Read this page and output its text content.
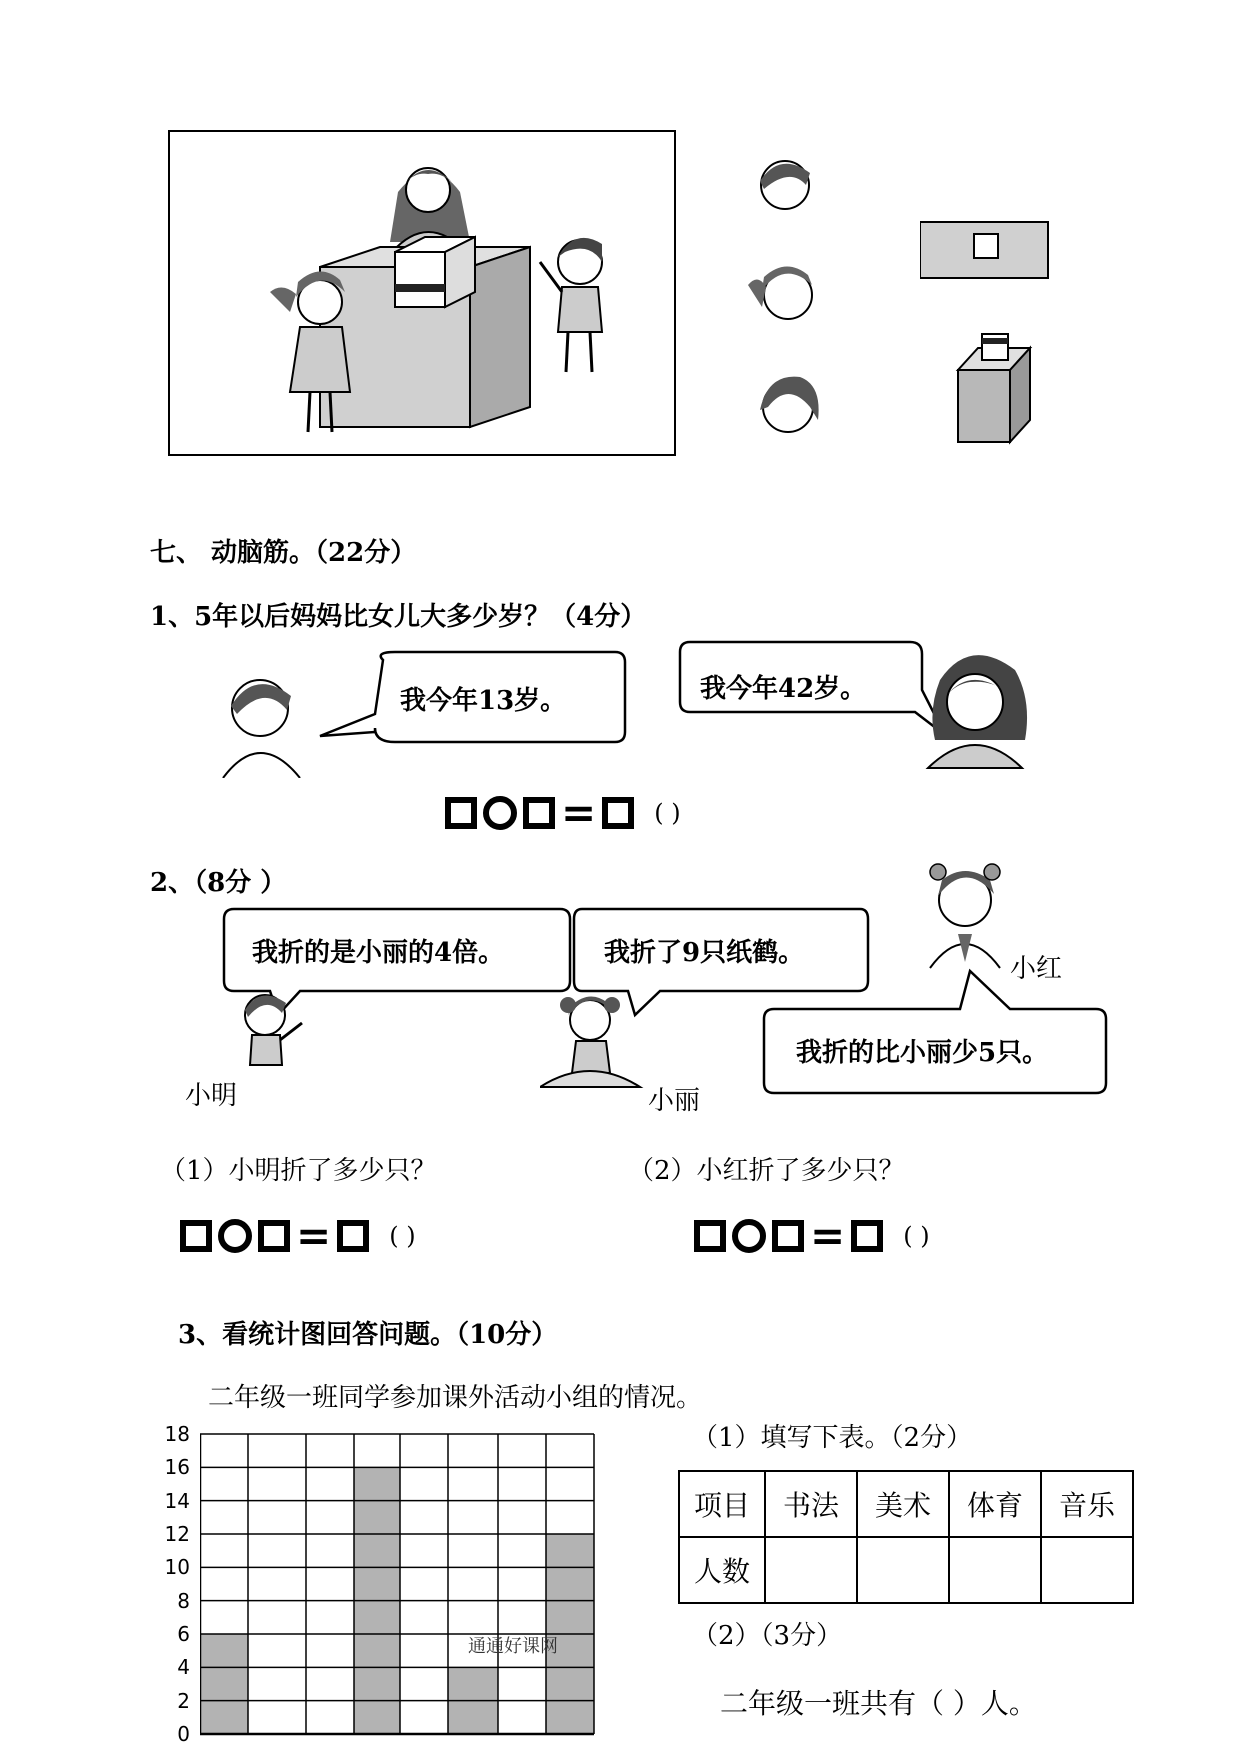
七、 动脑筋。（22分）
1、5年以后妈妈比女儿大多少岁？（4分）
我今年13岁。	我今年42岁。
= ( )
2、（8分 ）
我折的是小丽的4倍。
小明
我折了9只纸鹤。
小丽
小红
我折的比小丽少5只。
（1）小明折了多少只？	（2）小红折了多少只？
= ( )	= ( )
3、看统计图回答问题。（10分）
二年级一班同学参加课外活动小组的情况。
0
2
4
6
8
10
12
14
16
18
通通好课网
（1）填写下表。（2分）
项目	书法	美术	体育	音乐
人数				
（2）（3分）
二年级一班共有（ ）人。
